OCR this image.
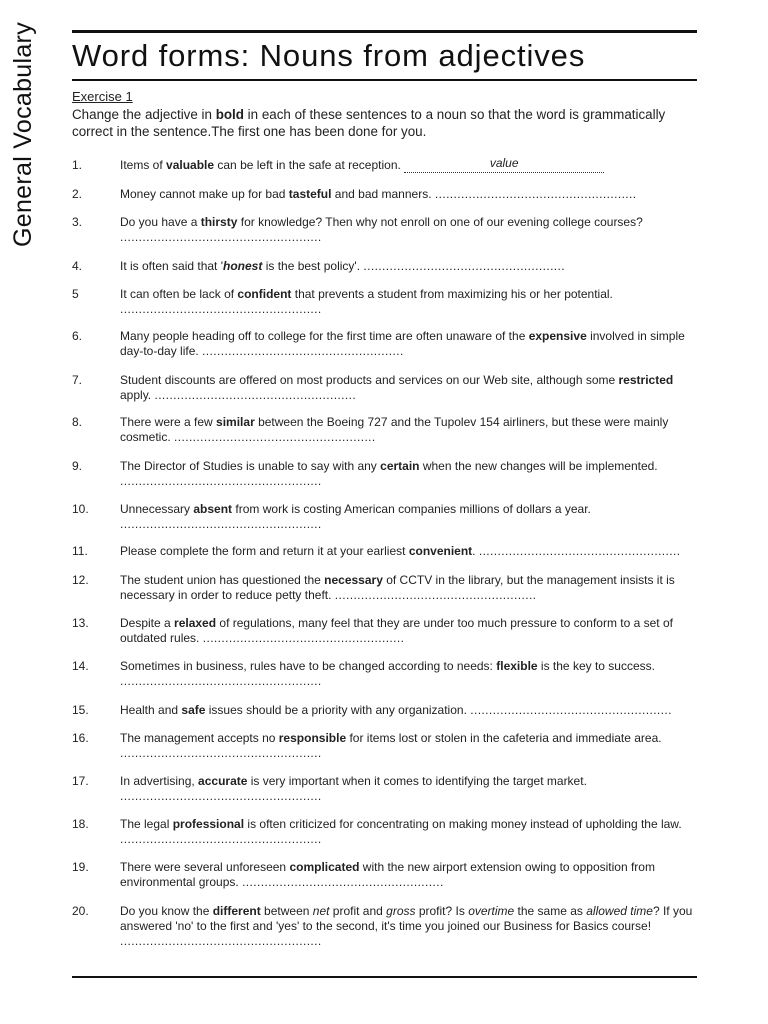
General Vocabulary Word forms: Nouns from adjectives
Exercise 1

Change the adjective in bold in each of these sentences to a noun so that the word is grammatically correct in the sentence.The first one has been done for you.

1.	Items of valuable can be left in the safe at reception.	value
2.	Money cannot make up for bad tasteful and bad manners. ......................................................
3.	Do you have a thirsty for knowledge? Then why not enroll on one of our evening college courses? ......................................................
4.	It is often said that 'honest is the best policy'. ......................................................
5	It can often be lack of confident that prevents a student from maximizing his or her potential. ......................................................
6.	Many people heading off to college for the first time are often unaware of the expensive involved in simple day-to-day life. ......................................................
7.	Student discounts are offered on most products and services on our Web site, although some restricted apply. ......................................................
8.	There were a few similar between the Boeing 727 and the Tupolev 154 airliners, but these were mainly cosmetic. ......................................................
9.	The Director of Studies is unable to say with any certain when the new changes will be implemented. ......................................................
10.	Unnecessary absent from work is costing American companies millions of dollars a year. ......................................................
11.	Please complete the form and return it at your earliest convenient. ......................................................
12.	The student union has questioned the necessary of CCTV in the library, but the management insists it is necessary in order to reduce petty theft. ......................................................
13.	Despite a relaxed of regulations, many feel that they are under too much pressure to conform to a set of outdated rules. ......................................................
14.	Sometimes in business, rules have to be changed according to needs: flexible is the key to success. ......................................................
15.	Health and safe issues should be a priority with any organization. ......................................................
16.	The management accepts no responsible for items lost or stolen in the cafeteria and immediate area. ......................................................
17.	In advertising, accurate is very important when it comes to identifying the target market. ......................................................
18.	The legal professional is often criticized for concentrating on making money instead of upholding the law. ......................................................
19.	There were several unforeseen complicated with the new airport extension owing to opposition from environmental groups. ......................................................
20.	Do you know the different between net profit and gross profit? Is overtime the same as allowed time? If you answered 'no' to the first and 'yes' to the second, it's time you joined our Business for Basics course! ......................................................
